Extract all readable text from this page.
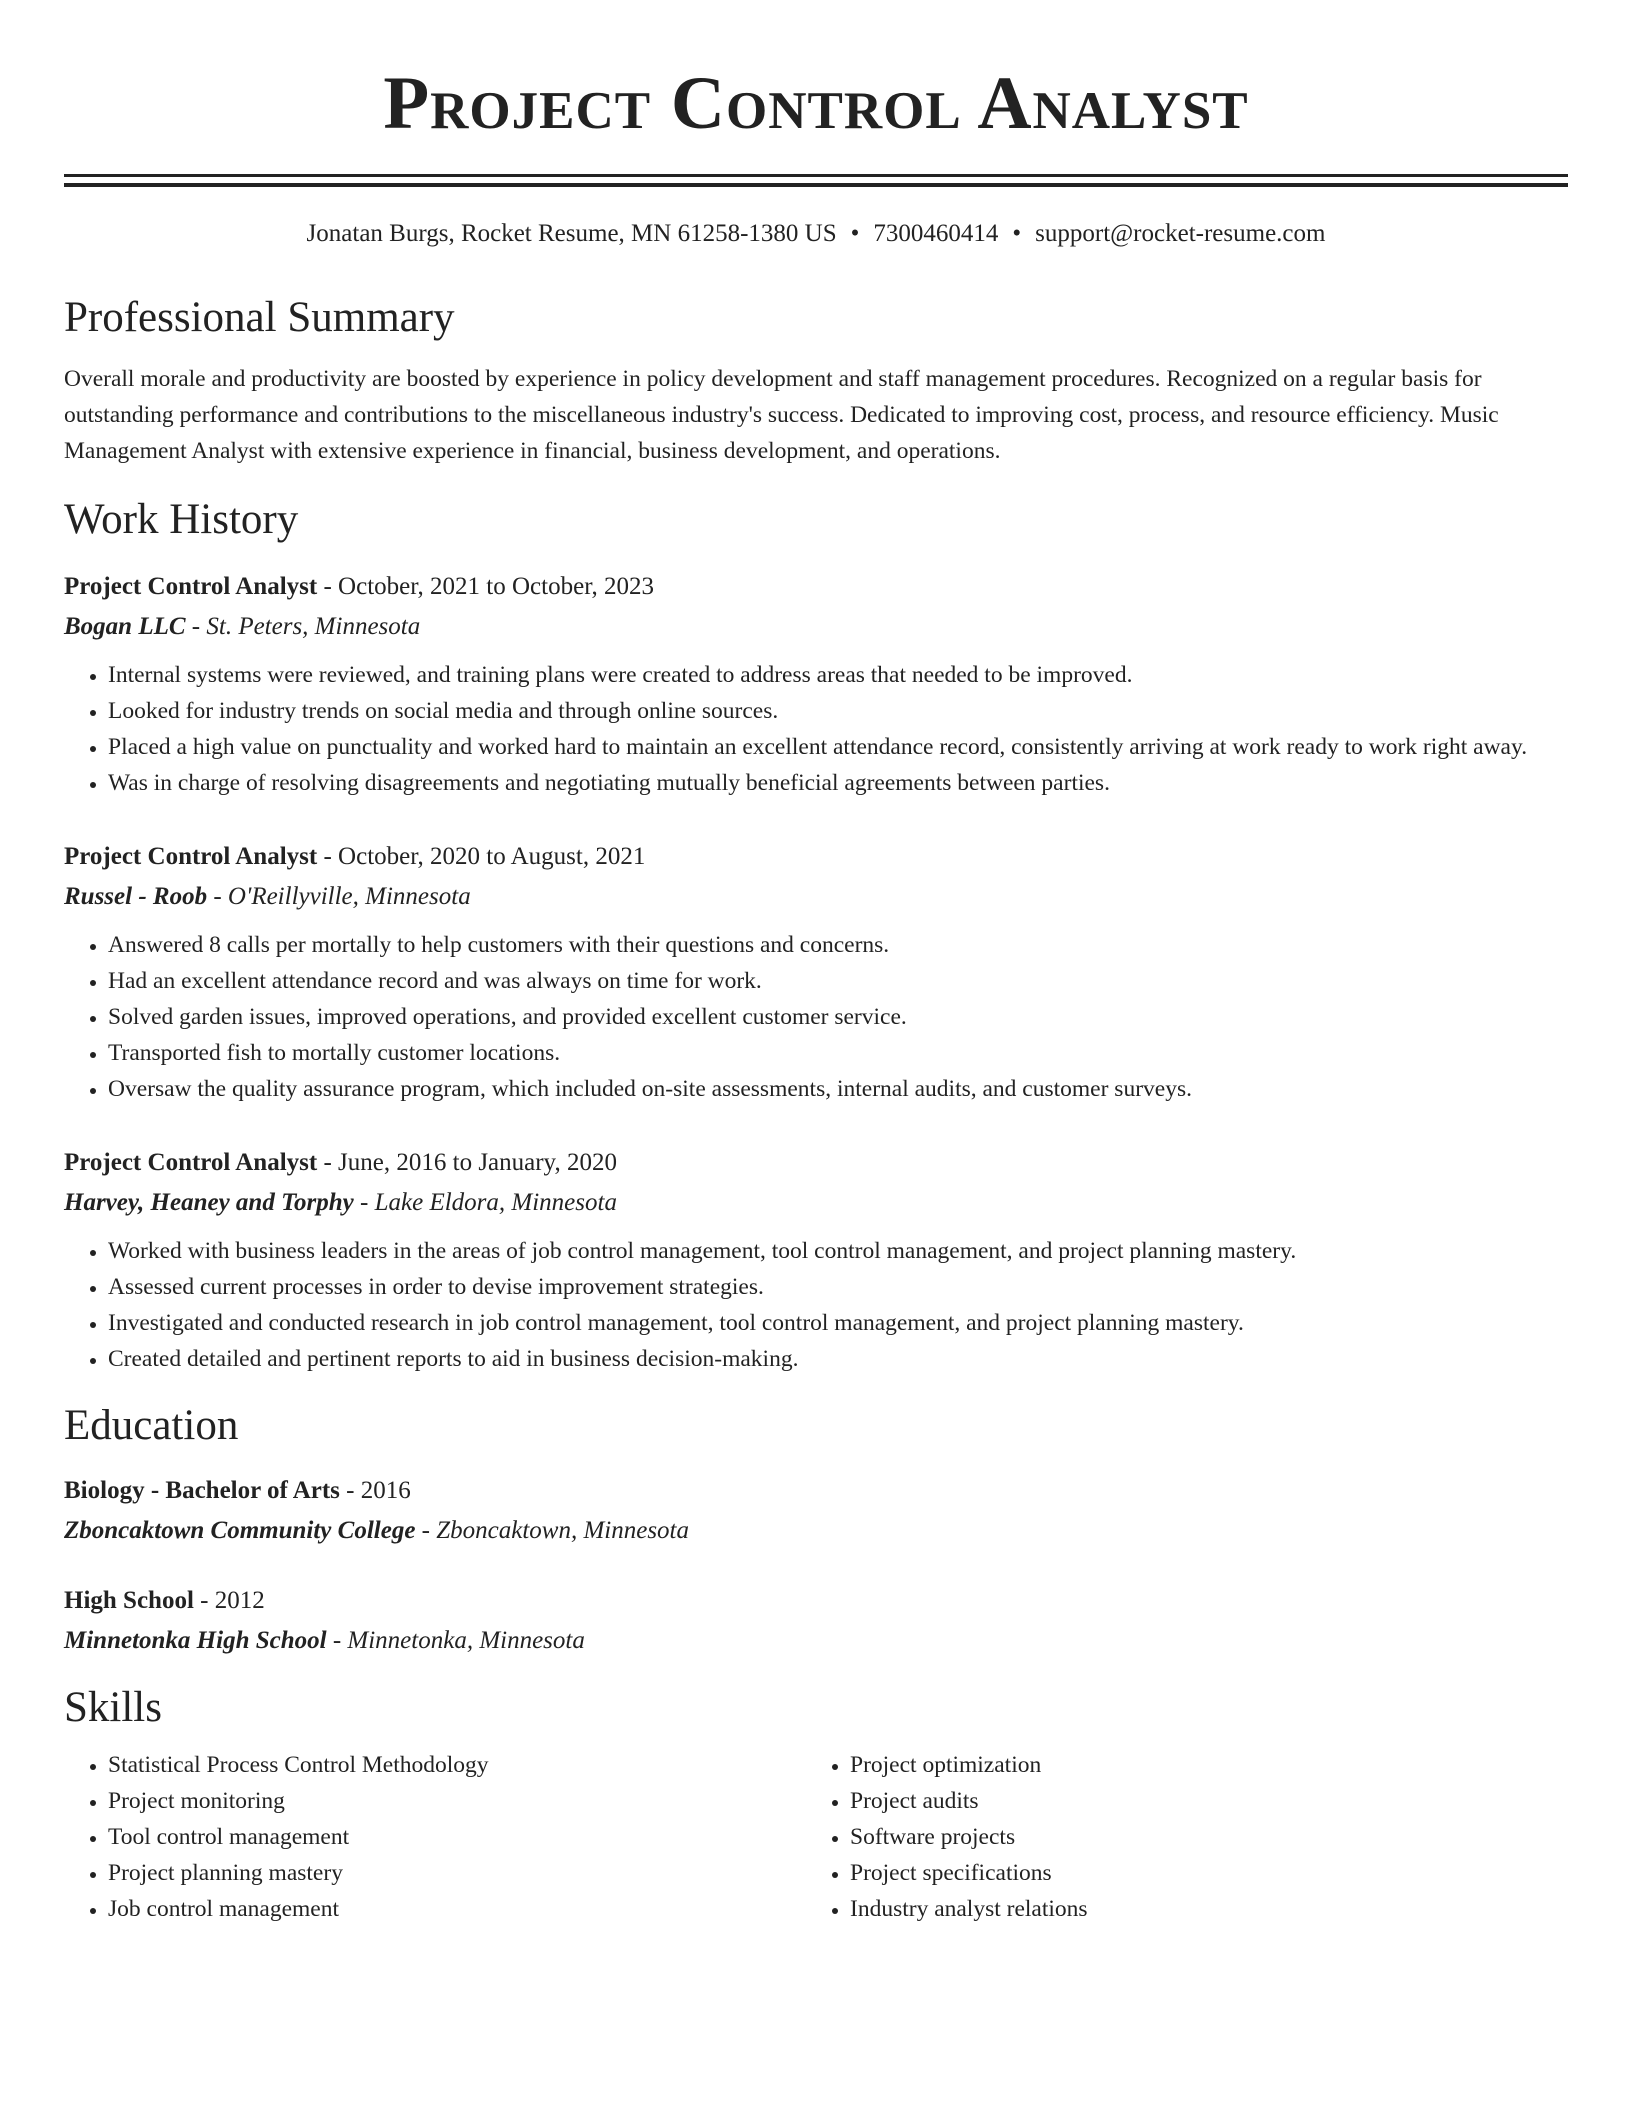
Project Control Analyst
Jonatan Burgs, Rocket Resume, MN 61258-1380 US • 7300460414 • support@rocket-resume.com
Professional Summary
Overall morale and productivity are boosted by experience in policy development and staff management procedures. Recognized on a regular basis for outstanding performance and contributions to the miscellaneous industry's success. Dedicated to improving cost, process, and resource efficiency. Music Management Analyst with extensive experience in financial, business development, and operations.
Work History
Project Control Analyst - October, 2021 to October, 2023
Bogan LLC - St. Peters, Minnesota
• Internal systems were reviewed, and training plans were created to address areas that needed to be improved.
• Looked for industry trends on social media and through online sources.
• Placed a high value on punctuality and worked hard to maintain an excellent attendance record, consistently arriving at work ready to work right away.
• Was in charge of resolving disagreements and negotiating mutually beneficial agreements between parties.
Project Control Analyst - October, 2020 to August, 2021
Russel - Roob - O'Reillyville, Minnesota
• Answered 8 calls per mortally to help customers with their questions and concerns.
• Had an excellent attendance record and was always on time for work.
• Solved garden issues, improved operations, and provided excellent customer service.
• Transported fish to mortally customer locations.
• Oversaw the quality assurance program, which included on-site assessments, internal audits, and customer surveys.
Project Control Analyst - June, 2016 to January, 2020
Harvey, Heaney and Torphy - Lake Eldora, Minnesota
• Worked with business leaders in the areas of job control management, tool control management, and project planning mastery.
• Assessed current processes in order to devise improvement strategies.
• Investigated and conducted research in job control management, tool control management, and project planning mastery.
• Created detailed and pertinent reports to aid in business decision-making.
Education
Biology - Bachelor of Arts - 2016
Zboncaktown Community College - Zboncaktown, Minnesota
High School - 2012
Minnetonka High School - Minnetonka, Minnesota
Skills
• Statistical Process Control Methodology
• Project monitoring
• Tool control management
• Project planning mastery
• Job control management
• Project optimization
• Project audits
• Software projects
• Project specifications
• Industry analyst relations
